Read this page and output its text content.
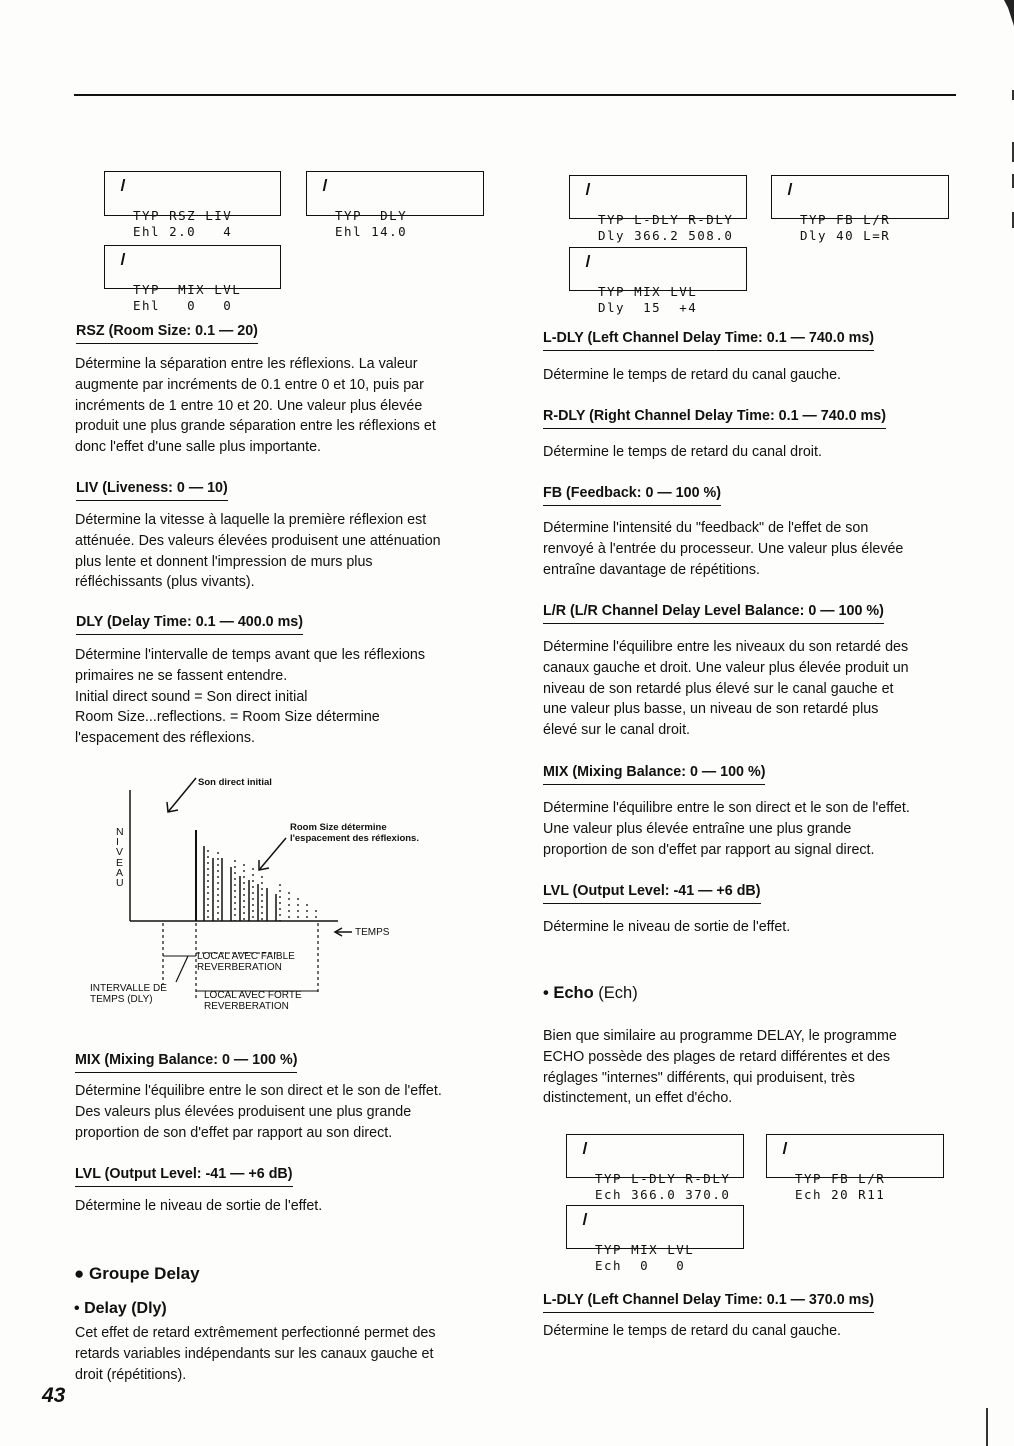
TYP RSZ LIV
Ehl 2.0   4

TYP  DLY
Ehl 14.0

TYP  MIX LVL
Ehl   0   0

RSZ (Room Size: 0.1 — 20)
Détermine la séparation entre les réflexions. La valeur
augmente par incréments de 0.1 entre 0 et 10, puis par
incréments de 1 entre 10 et 20. Une valeur plus élevée
produit une plus grande séparation entre les réflexions et
donc l'effet d'une salle plus importante.
LIV (Liveness: 0 — 10)
Détermine la vitesse à laquelle la première réflexion est
atténuée. Des valeurs élevées produisent une atténuation
plus lente et donnent l'impression de murs plus
réfléchissants (plus vivants).
DLY (Delay Time: 0.1 — 400.0 ms)
Détermine l'intervalle de temps avant que les réflexions
primaires ne se fassent entendre.
Initial direct sound = Son direct initial
Room Size...reflections. = Room Size détermine
l'espacement des réflexions.
Son direct initial
Room Size détermine
l'espacement des réflexions.
N
I
V
E
A
U
TEMPS
LOCAL AVEC FAIBLE
REVERBERATION
INTERVALLE DE
TEMPS (DLY)	LOCAL AVEC FORTE
REVERBERATION
MIX (Mixing Balance: 0 — 100 %)
Détermine l'équilibre entre le son direct et le son de l'effet.
Des valeurs plus élevées produisent une plus grande
proportion de son d'effet par rapport au son direct.
LVL (Output Level: -41 — +6 dB)
Détermine le niveau de sortie de l'effet.
● Groupe Delay
• Delay (Dly)
Cet effet de retard extrêmement perfectionné permet des
retards variables indépendants sur les canaux gauche et
droit (répétitions).
43

TYP L-DLY R-DLY
Dly 366.2 508.0

TYP FB L/R
Dly 40 L=R

TYP MIX LVL
Dly  15  +4

L-DLY (Left Channel Delay Time: 0.1 — 740.0 ms)
Détermine le temps de retard du canal gauche.
R-DLY (Right Channel Delay Time: 0.1 — 740.0 ms)
Détermine le temps de retard du canal droit.
FB (Feedback: 0 — 100 %)
Détermine l'intensité du "feedback" de l'effet de son
renvoyé à l'entrée du processeur. Une valeur plus élevée
entraîne davantage de répétitions.
L/R (L/R Channel Delay Level Balance: 0 — 100 %)
Détermine l'équilibre entre les niveaux du son retardé des
canaux gauche et droit. Une valeur plus élevée produit un
niveau de son retardé plus élevé sur le canal gauche et
une valeur plus basse, un niveau de son retardé plus
élevé sur le canal droit.
MIX (Mixing Balance: 0 — 100 %)
Détermine l'équilibre entre le son direct et le son de l'effet.
Une valeur plus élevée entraîne une plus grande
proportion de son d'effet par rapport au signal direct.
LVL (Output Level: -41 — +6 dB)
Détermine le niveau de sortie de l'effet.
• Echo (Ech)
Bien que similaire au programme DELAY, le programme
ECHO possède des plages de retard différentes et des
réglages "internes" différents, qui produisent, très
distinctement, un effet d'écho.

TYP L-DLY R-DLY
Ech 366.0 370.0

TYP FB L/R
Ech 20 R11

TYP MIX LVL
Ech  0   0

L-DLY (Left Channel Delay Time: 0.1 — 370.0 ms)
Détermine le temps de retard du canal gauche.
